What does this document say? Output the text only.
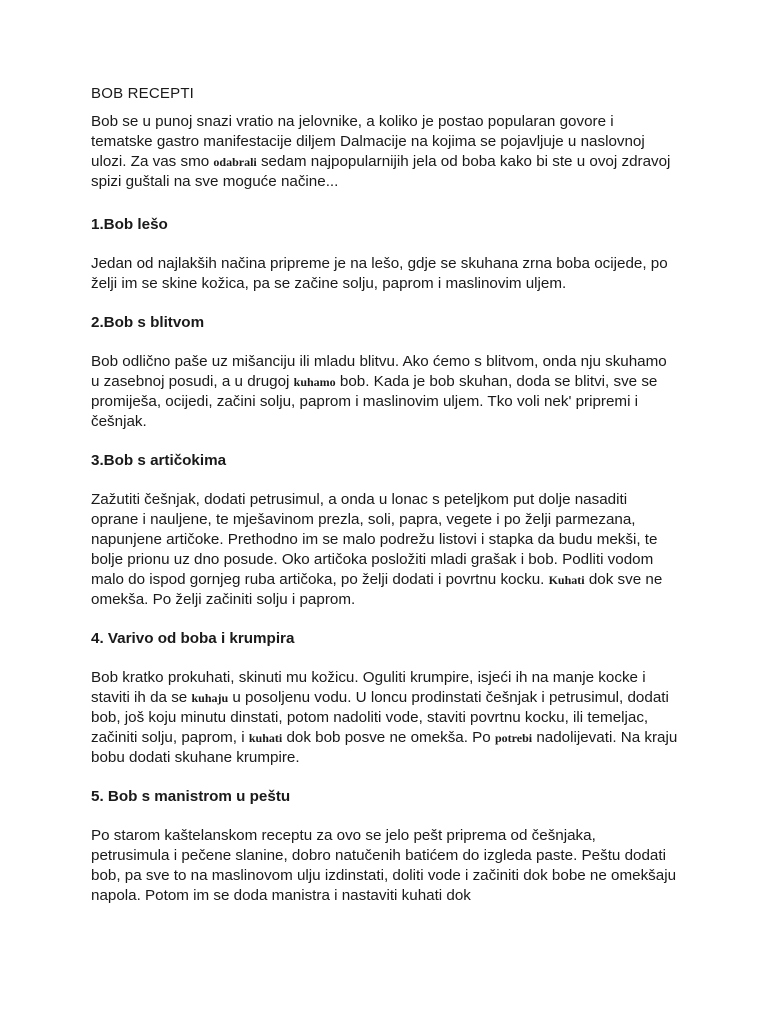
BOB RECEPTI

Bob se u punoj snazi vratio na jelovnike, a koliko je postao popularan govore i tematske gastro manifestacije diljem Dalmacije na kojima se pojavljuje u naslovnoj ulozi. Za vas smo odabrali sedam najpopularnijih jela od boba kako bi ste u ovoj zdravoj spizi guštali na sve moguće načine...

1.Bob lešo

Jedan od najlakših načina pripreme je na lešo, gdje se skuhana zrna boba ocijede, po želji im se skine kožica, pa se začine solju, paprom i maslinovim uljem.

2.Bob s blitvom

Bob odlično paše uz mišanciju ili mladu blitvu. Ako ćemo s blitvom, onda nju skuhamo u zasebnoj posudi, a u drugoj kuhamo bob. Kada je bob skuhan, doda se blitvi, sve se promiješa, ocijedi, začini solju, paprom i maslinovim uljem. Tko voli nek' pripremi i češnjak.

3.Bob s artičokima

Zažutiti češnjak, dodati petrusimul, a onda u lonac s peteljkom put dolje nasaditi oprane i nauljene, te mješavinom prezla, soli, papra, vegete i po želji parmezana, napunjene artičoke. Prethodno im se malo podrežu listovi i stapka da budu mekši, te bolje prionu uz dno posude. Oko artičoka posložiti mladi grašak i bob. Podliti vodom malo do ispod gornjeg ruba artičoka, po želji dodati i povrtnu kocku. Kuhati dok sve ne omekša. Po želji začiniti solju i paprom.

4. Varivo od boba i krumpira

Bob kratko prokuhati, skinuti mu kožicu. Oguliti krumpire, isjeći ih na manje kocke i staviti ih da se kuhaju u posoljenu vodu. U loncu prodinstati češnjak i petrusimul, dodati bob, još koju minutu dinstati, potom nadoliti vode, staviti povrtnu kocku, ili temeljac, začiniti solju, paprom, i kuhati dok bob posve ne omekša. Po potrebi nadolijevati. Na kraju bobu dodati skuhane krumpire.

5. Bob s manistrom u peštu

Po starom kaštelanskom receptu za ovo se jelo pešt priprema od češnjaka, petrusimula i pečene slanine, dobro natučenih batićem do izgleda paste. Peštu dodati bob, pa sve to na maslinovom ulju izdinstati, doliti vode i začiniti dok bobe ne omekšaju napola. Potom im se doda manistra i nastaviti kuhati dok
